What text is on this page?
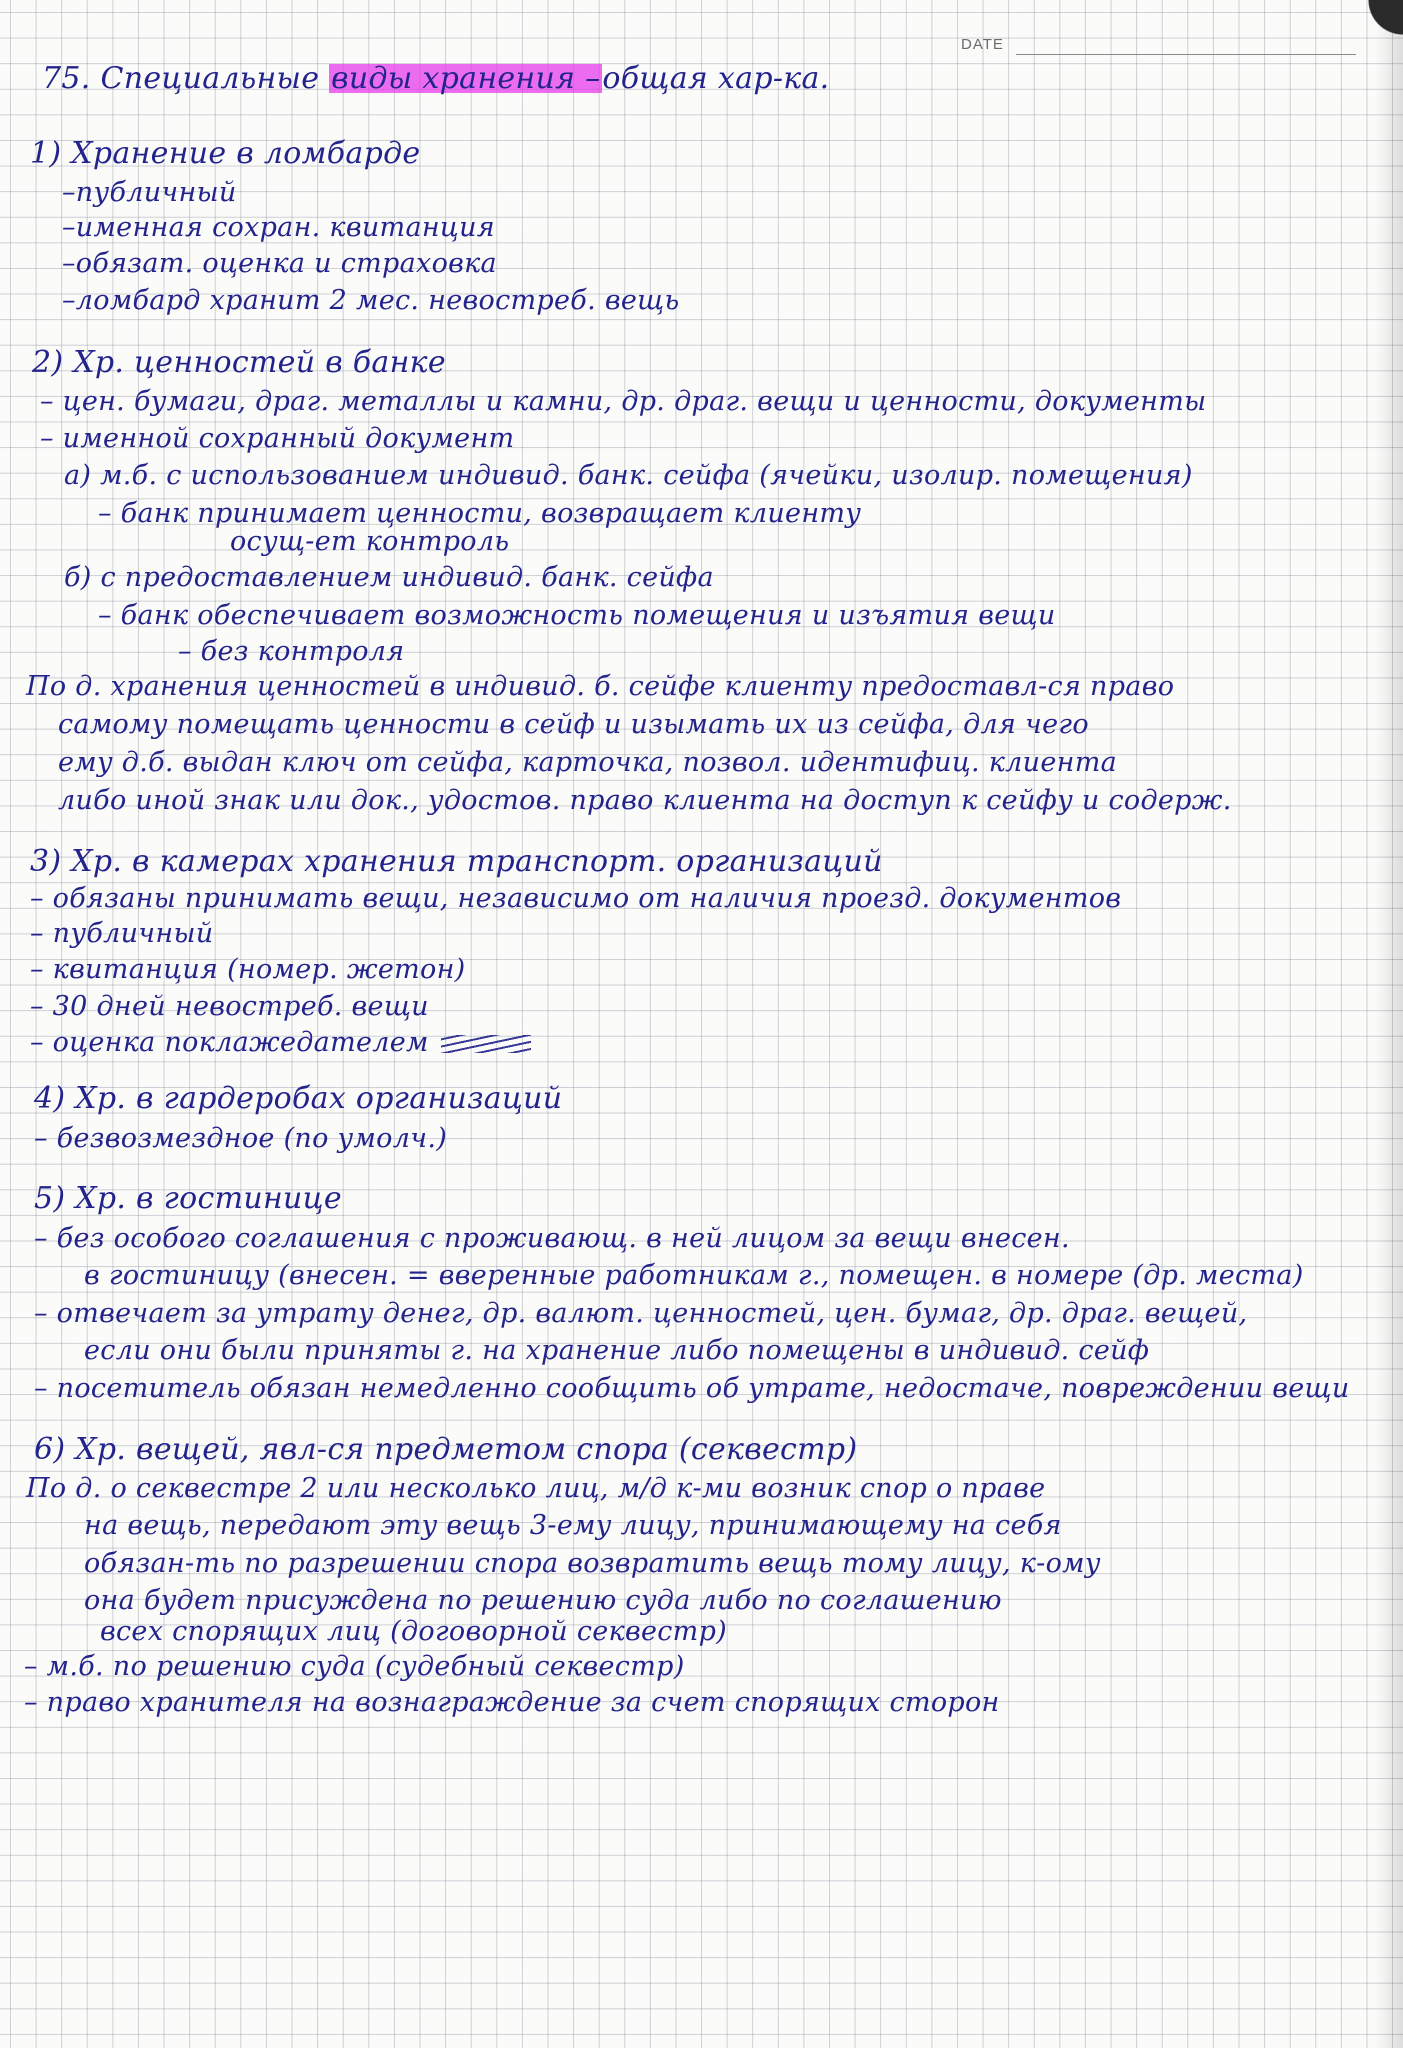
DATE
75. Специальные виды хранения –общая хар-ка.
1) Хранение в ломбарде
–публичный
–именная сохран. квитанция
–обязат. оценка и страховка
–ломбард хранит 2 мес. невостреб. вещь
2) Хр. ценностей в банке
– цен. бумаги, драг. металлы и камни, др. драг. вещи и ценности, документы
– именной сохранный документ
а) м.б. с использованием индивид. банк. сейфа (ячейки, изолир. помещения)
– банк принимает ценности, возвращает клиенту
осущ-ет контроль
б) с предоставлением индивид. банк. сейфа
– банк обеспечивает возможность помещения и изъятия вещи
– без контроля
По д. хранения ценностей в индивид. б. сейфе клиенту предоставл-ся право
самому помещать ценности в сейф и изымать их из сейфа, для чего
ему д.б. выдан ключ от сейфа, карточка, позвол. идентифиц. клиента
либо иной знак или док., удостов. право клиента на доступ к сейфу и содерж.
3) Хр. в камерах хранения транспорт. организаций
– обязаны принимать вещи, независимо от наличия проезд. документов
– публичный
– квитанция (номер. жетон)
– 30 дней невостреб. вещи
– оценка поклажедателем
4) Хр. в гардеробах организаций
– безвозмездное (по умолч.)
5) Хр. в гостинице
– без особого соглашения с проживающ. в ней лицом за вещи внесен.
в гостиницу (внесен. = вверенные работникам г., помещен. в номере (др. места)
– отвечает за утрату денег, др. валют. ценностей, цен. бумаг, др. драг. вещей,
если они были приняты г. на хранение либо помещены в индивид. сейф
– посетитель обязан немедленно сообщить об утрате, недостаче, повреждении вещи
6) Хр. вещей, явл-ся предметом спора (секвестр)
По д. о секвестре 2 или несколько лиц, м/д к-ми возник спор о праве
на вещь, передают эту вещь 3-ему лицу, принимающему на себя
обязан-ть по разрешении спора возвратить вещь тому лицу, к-ому
она будет присуждена по решению суда либо по соглашению
всех спорящих лиц (договорной секвестр)
– м.б. по решению суда (судебный секвестр)
– право хранителя на вознаграждение за счет спорящих сторон
